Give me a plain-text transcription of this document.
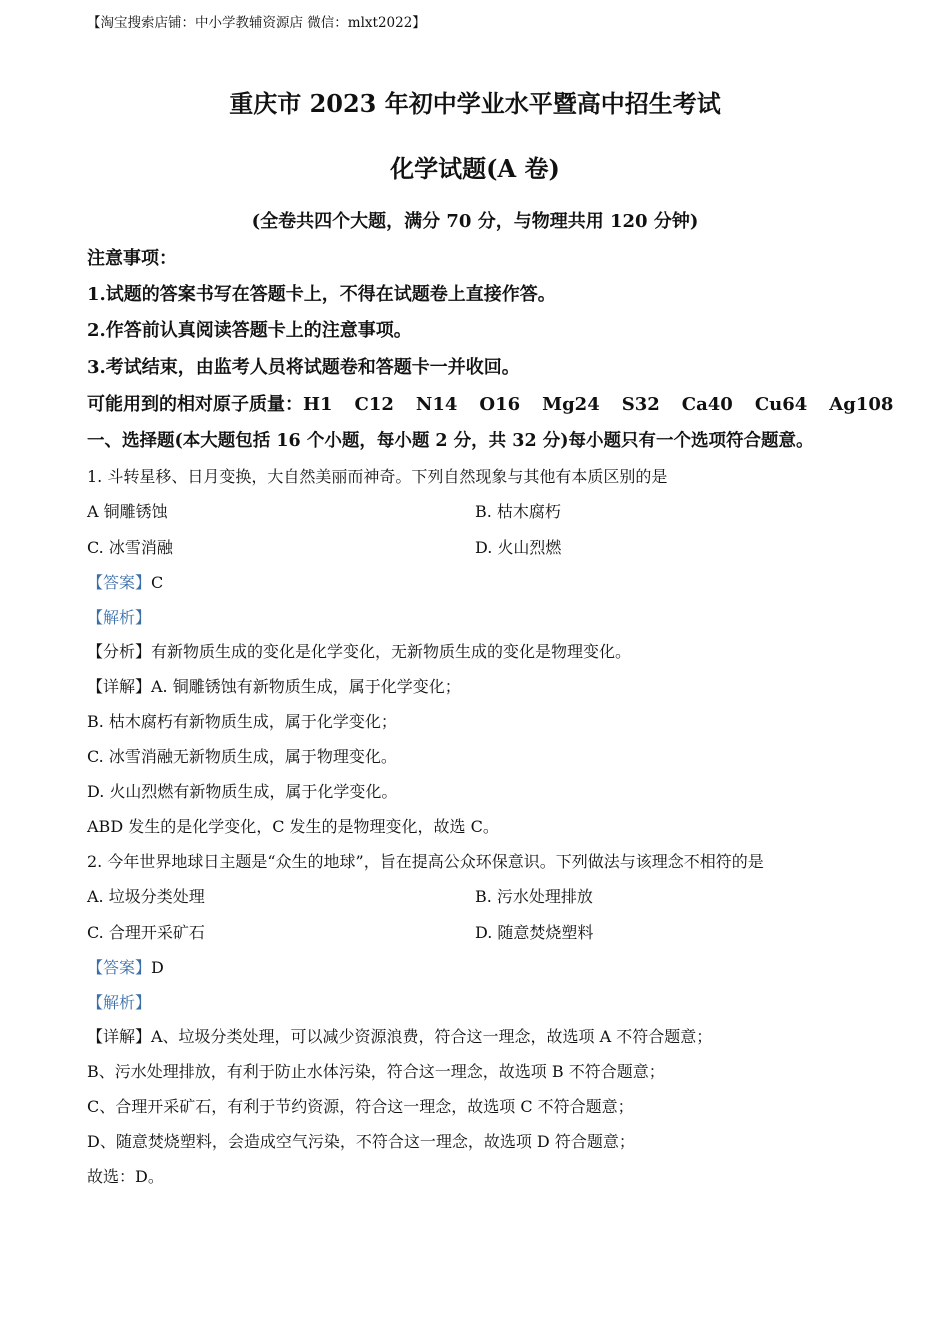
【淘宝搜索店铺：中小学教辅资源店 微信：mlxt2022】
重庆市 2023 年初中学业水平暨高中招生考试
化学试题(A 卷)
(全卷共四个大题，满分 70 分，与物理共用 120 分钟)
注意事项：
1.试题的答案书写在答题卡上，不得在试题卷上直接作答。
2.作答前认真阅读答题卡上的注意事项。
3.考试结束，由监考人员将试题卷和答题卡一并收回。
可能用到的相对原子质量：H1 C12 N14 O16 Mg24 S32 Ca40 Cu64 Ag108
一、选择题(本大题包括 16 个小题，每小题 2 分，共 32 分)每小题只有一个选项符合题意。
1. 斗转星移、日月变换，大自然美丽而神奇。下列自然现象与其他有本质区别的是
A 铜雕锈蚀	B. 枯木腐朽
C. 冰雪消融	D. 火山烈燃
【答案】C
【解析】
【分析】有新物质生成的变化是化学变化，无新物质生成的变化是物理变化。
【详解】A. 铜雕锈蚀有新物质生成，属于化学变化；
B. 枯木腐朽有新物质生成，属于化学变化；
C. 冰雪消融无新物质生成，属于物理变化。
D. 火山烈燃有新物质生成，属于化学变化。
ABD 发生的是化学变化，C 发生的是物理变化，故选 C。
2. 今年世界地球日主题是“众生的地球”，旨在提高公众环保意识。下列做法与该理念不相符的是
A. 垃圾分类处理	B. 污水处理排放
C. 合理开采矿石	D. 随意焚烧塑料
【答案】D
【解析】
【详解】A、垃圾分类处理，可以减少资源浪费，符合这一理念，故选项 A 不符合题意；
B、污水处理排放，有利于防止水体污染，符合这一理念，故选项 B 不符合题意；
C、合理开采矿石，有利于节约资源，符合这一理念，故选项 C 不符合题意；
D、随意焚烧塑料，会造成空气污染，不符合这一理念，故选项 D 符合题意；
故选：D。
